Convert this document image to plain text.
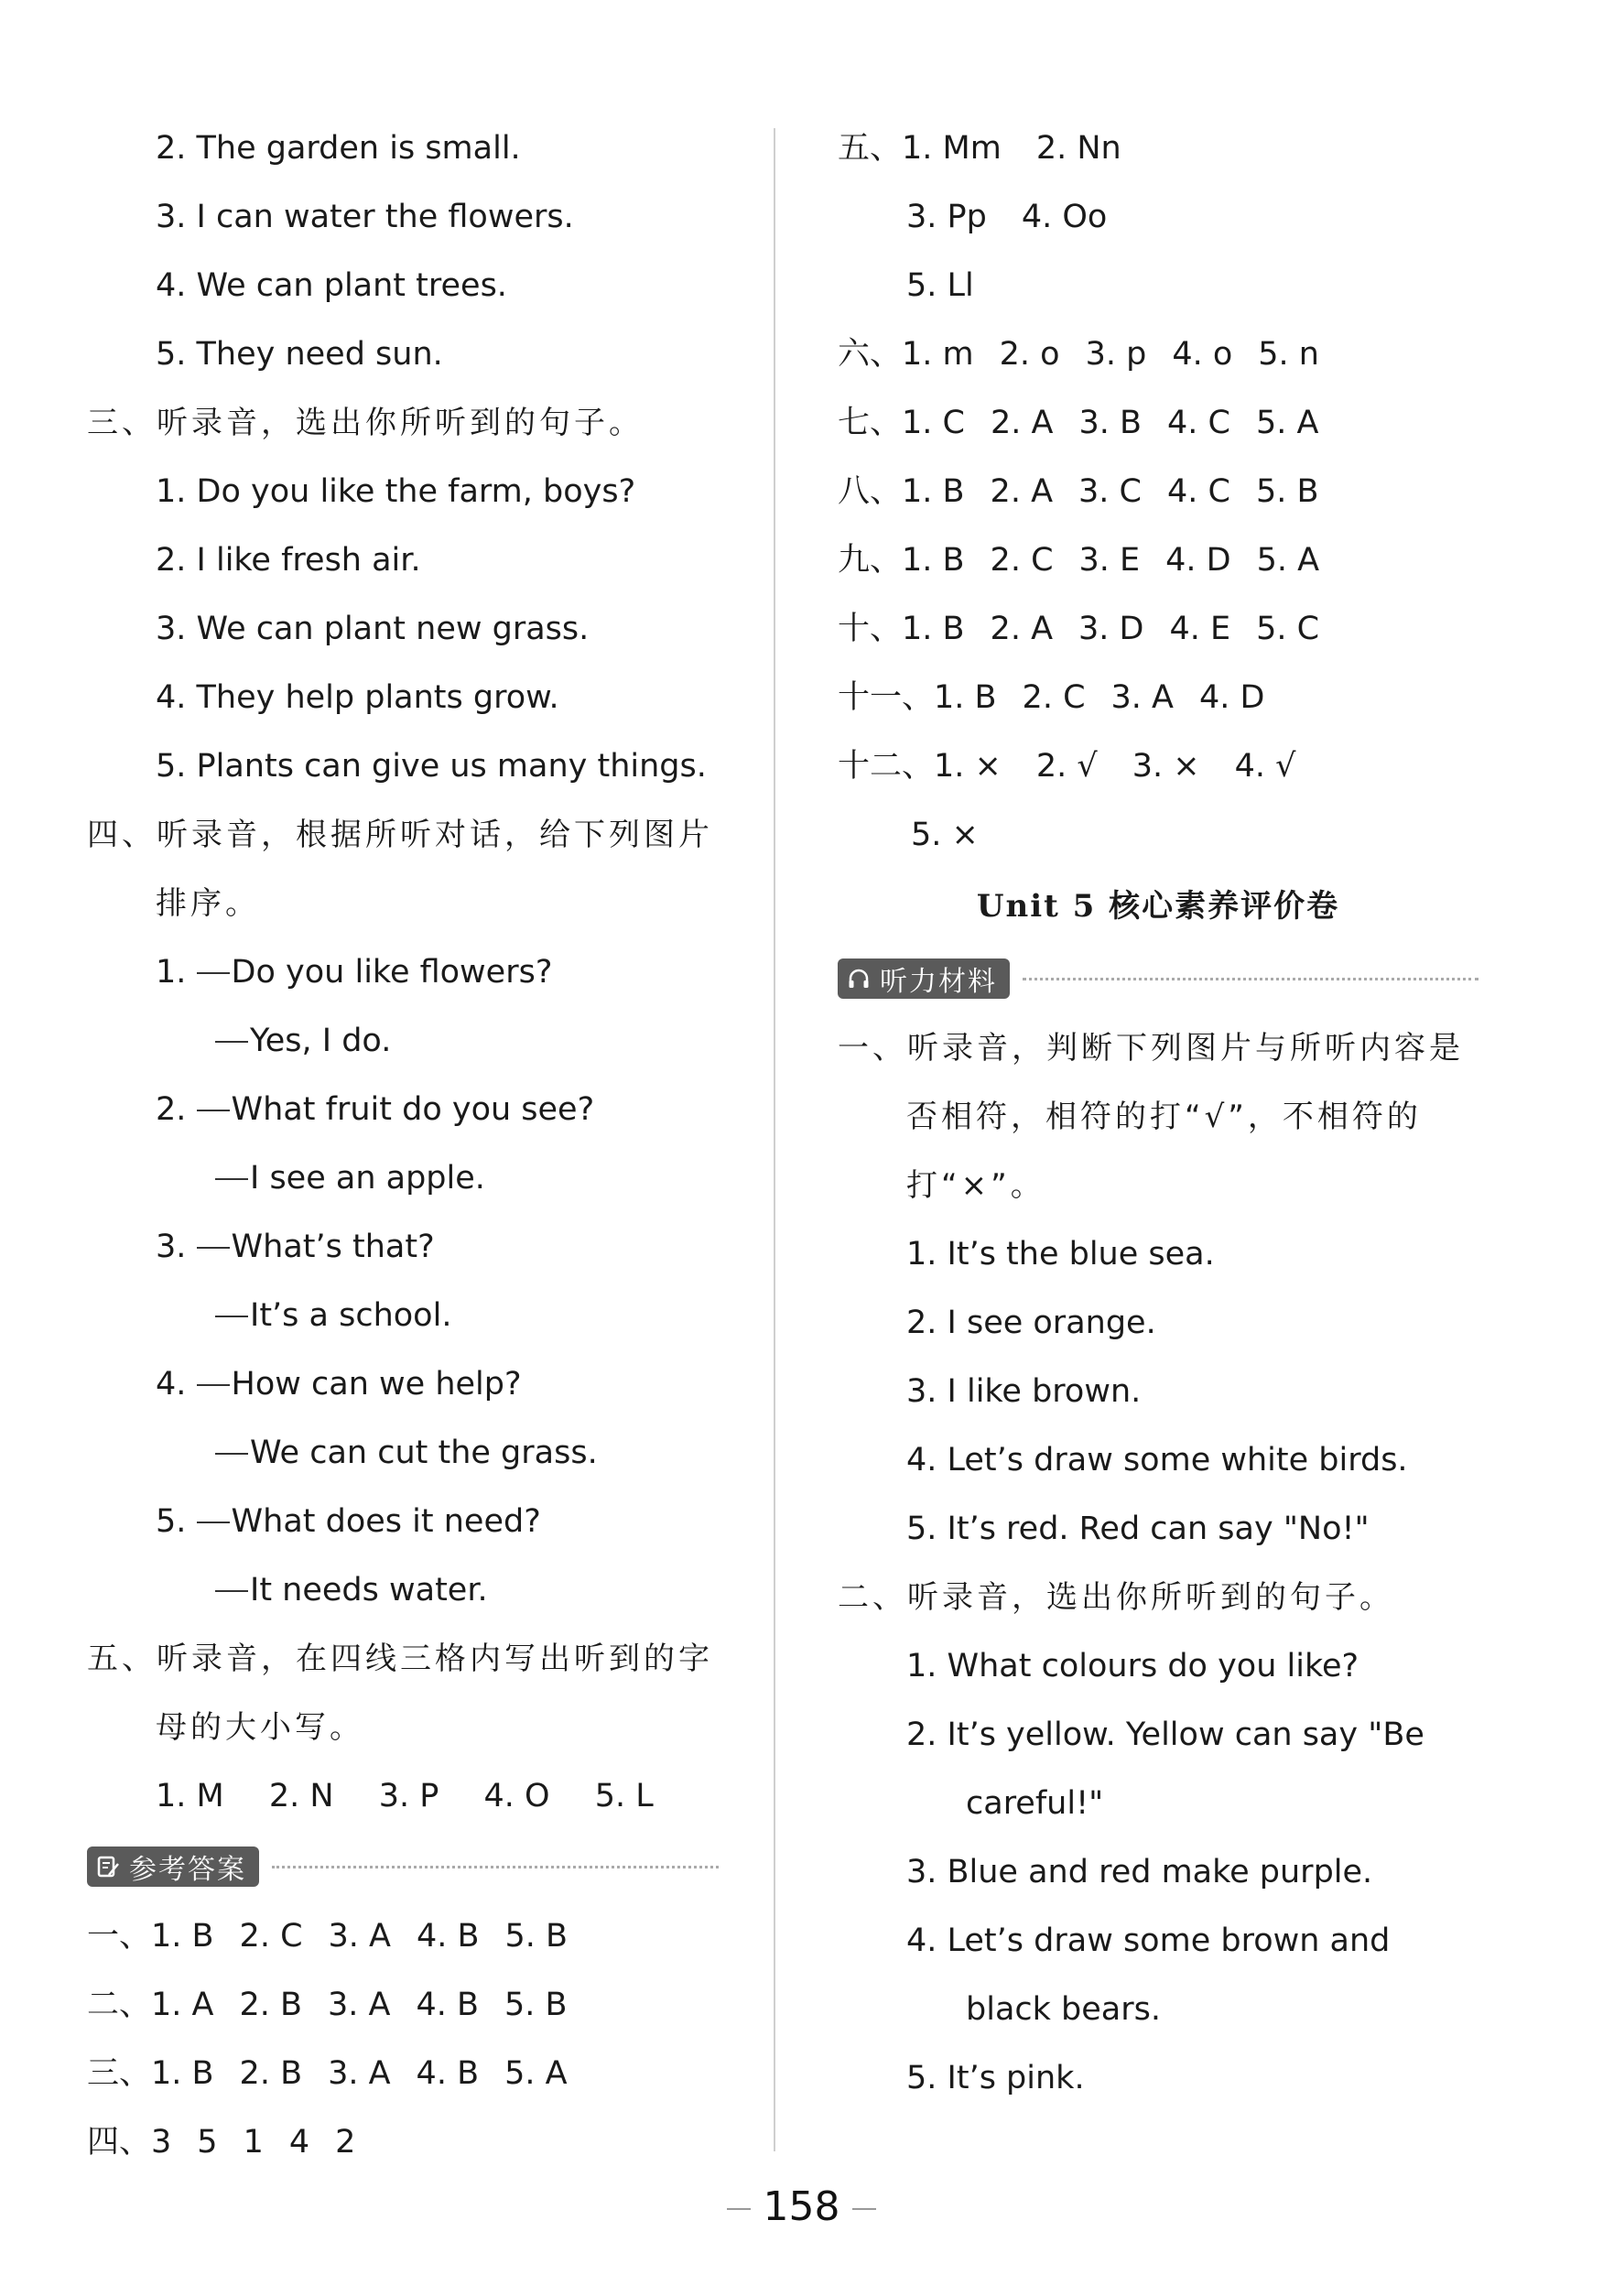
2. The garden is small.
3. I can water the flowers.
4. We can plant trees.
5. They need sun.
三、听录音，选出你所听到的句子。
1. Do you like the farm, boys?
2. I like fresh air.
3. We can plant new grass.
4. They help plants grow.
5. Plants can give us many things.
四、听录音，根据所听对话，给下列图片
排序。
1. Do you like flowers?
Yes, I do.
2. What fruit do you see?
I see an apple.
3. What’s that?
It’s a school.
4. How can we help?
We can cut the grass.
5. What does it need?
It needs water.
五、听录音，在四线三格内写出听到的字
母的大小写。
1. M 2. N 3. P 4. O 5. L
参考答案
一、1. B 2. C 3. A 4. B 5. B
二、1. A 2. B 3. A 4. B 5. B
三、1. B 2. B 3. A 4. B 5. A
四、3 5 1 4 2
五、1. Mm 2. Nn
3. Pp 4. Oo
5. Ll
六、1. m 2. o 3. p 4. o 5. n
七、1. C 2. A 3. B 4. C 5. A
八、1. B 2. A 3. C 4. C 5. B
九、1. B 2. C 3. E 4. D 5. A
十、1. B 2. A 3. D 4. E 5. C
十一、1. B 2. C 3. A 4. D
十二、1. × 2. √ 3. × 4. √
5. ×
Unit 5 核心素养评价卷
听力材料
一、听录音，判断下列图片与所听内容是
否相符，相符的打“√”，不相符的
打“×”。
1. It’s the blue sea.
2. I see orange.
3. I like brown.
4. Let’s draw some white birds.
5. It’s red. Red can say "No!"
二、听录音，选出你所听到的句子。
1. What colours do you like?
2. It’s yellow. Yellow can say "Be
careful!"
3. Blue and red make purple.
4. Let’s draw some brown and
black bears.
5. It’s pink.
158
